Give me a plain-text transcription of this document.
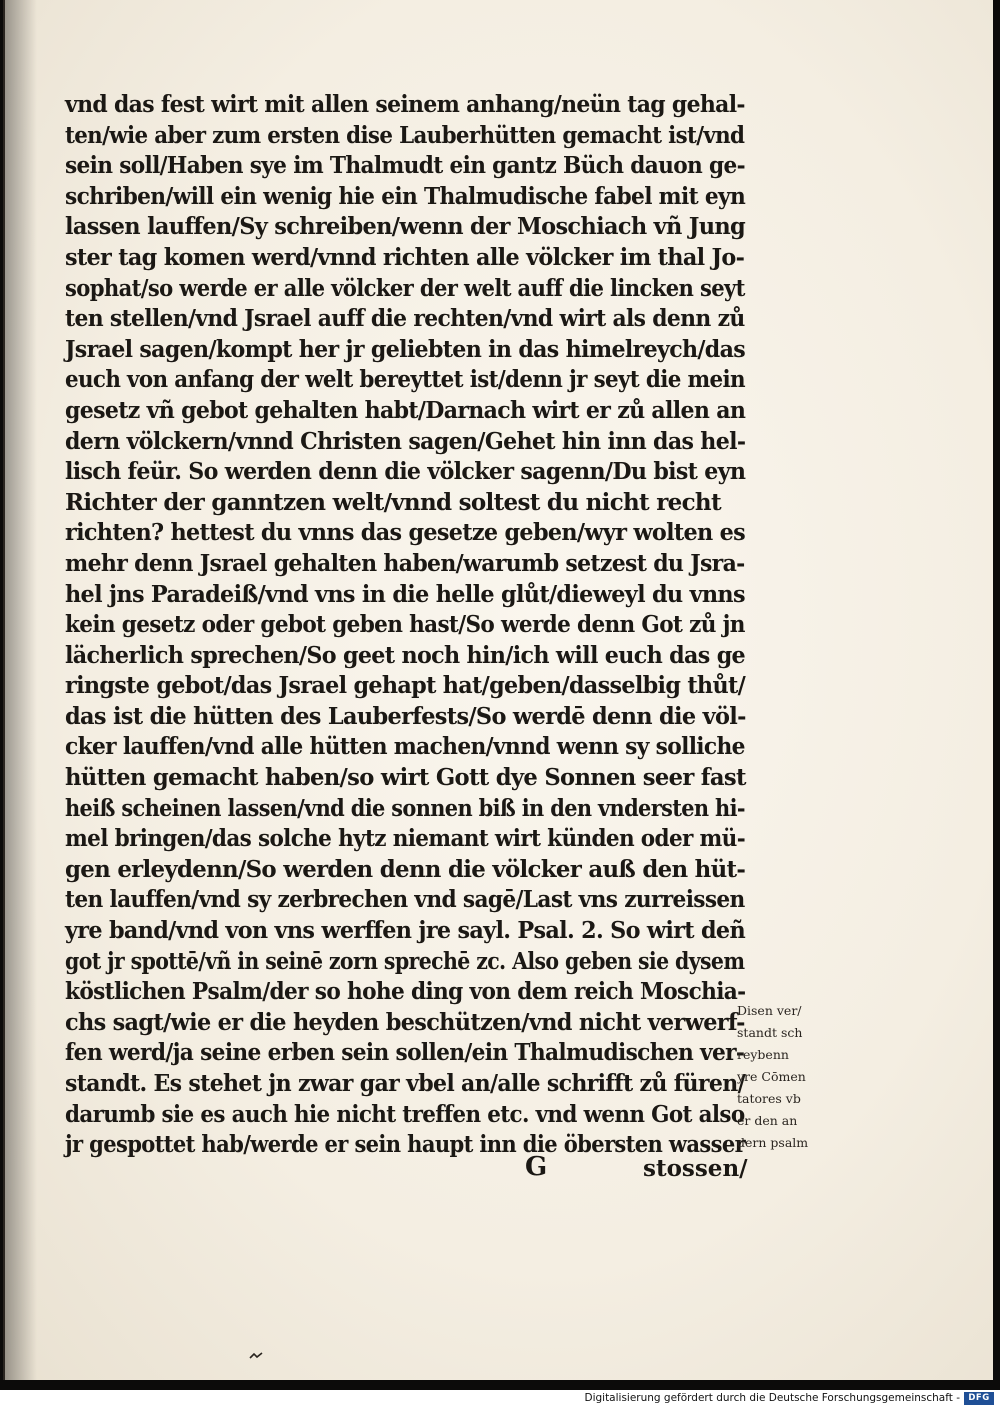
vnd das fest wirt mit allen seinem anhang/neün tag gehal-
ten/wie aber zum ersten dise Lauberhütten gemacht ist/vnd
sein soll/Haben sye im Thalmudt ein gantz Büch dauon ge-
schriben/will ein wenig hie ein Thalmudische fabel mit eyn
lassen lauffen/Sy schreiben/wenn der Moschiach vñ Jung
ster tag komen werd/vnnd richten alle völcker im thal Jo-
sophat/so werde er alle völcker der welt auff die lincken seyt
ten stellen/vnd Jsrael auff die rechten/vnd wirt als denn zů
Jsrael sagen/kompt her jr geliebten in das himelreych/das
euch von anfang der welt bereyttet ist/denn jr seyt die mein
gesetz vñ gebot gehalten habt/Darnach wirt er zů allen an
dern völckern/vnnd Christen sagen/Gehet hin inn das hel-
lisch feür. So werden denn die völcker sagenn/Du bist eyn
Richter der ganntzen welt/vnnd soltest du nicht recht
richten? hettest du vnns das gesetze geben/wyr wolten es
mehr denn Jsrael gehalten haben/warumb setzest du Jsra-
hel jns Paradeiß/vnd vns in die helle glůt/dieweyl du vnns
kein gesetz oder gebot geben hast/So werde denn Got zů jn
lächerlich sprechen/So geet noch hin/ich will euch das ge
ringste gebot/das Jsrael gehapt hat/geben/dasselbig thůt/
das ist die hütten des Lauberfests/So werdē denn die völ-
cker lauffen/vnd alle hütten machen/vnnd wenn sy solliche
hütten gemacht haben/so wirt Gott dye Sonnen seer fast
heiß scheinen lassen/vnd die sonnen biß in den vndersten hi-
mel bringen/das solche hytz niemant wirt künden oder mü-
gen erleydenn/So werden denn die völcker auß den hüt-
ten lauffen/vnd sy zerbrechen vnd sagē/Last vns zurreissen
yre band/vnd von vns werffen jre sayl. Psal. 2. So wirt deñ
got jr spottē/vñ in seinē zorn sprechē zc. Also geben sie dysem
köstlichen Psalm/der so hohe ding von dem reich Moschia-
chs sagt/wie er die heyden beschützen/vnd nicht verwerf-
fen werd/ja seine erben sein sollen/ein Thalmudischen ver-
standt. Es stehet jn zwar gar vbel an/alle schrifft zů füren/
darumb sie es auch hie nicht treffen etc. vnd wenn Got also
jr gespottet hab/werde er sein haupt inn die öbersten wasser
Disen ver/
standt sch
reybenn
yre Cōmen
tatores vb
er den an
dern psalm
G	stossen/
Digitalisierung gefördert durch die Deutsche Forschungsgemeinschaft - DFG
